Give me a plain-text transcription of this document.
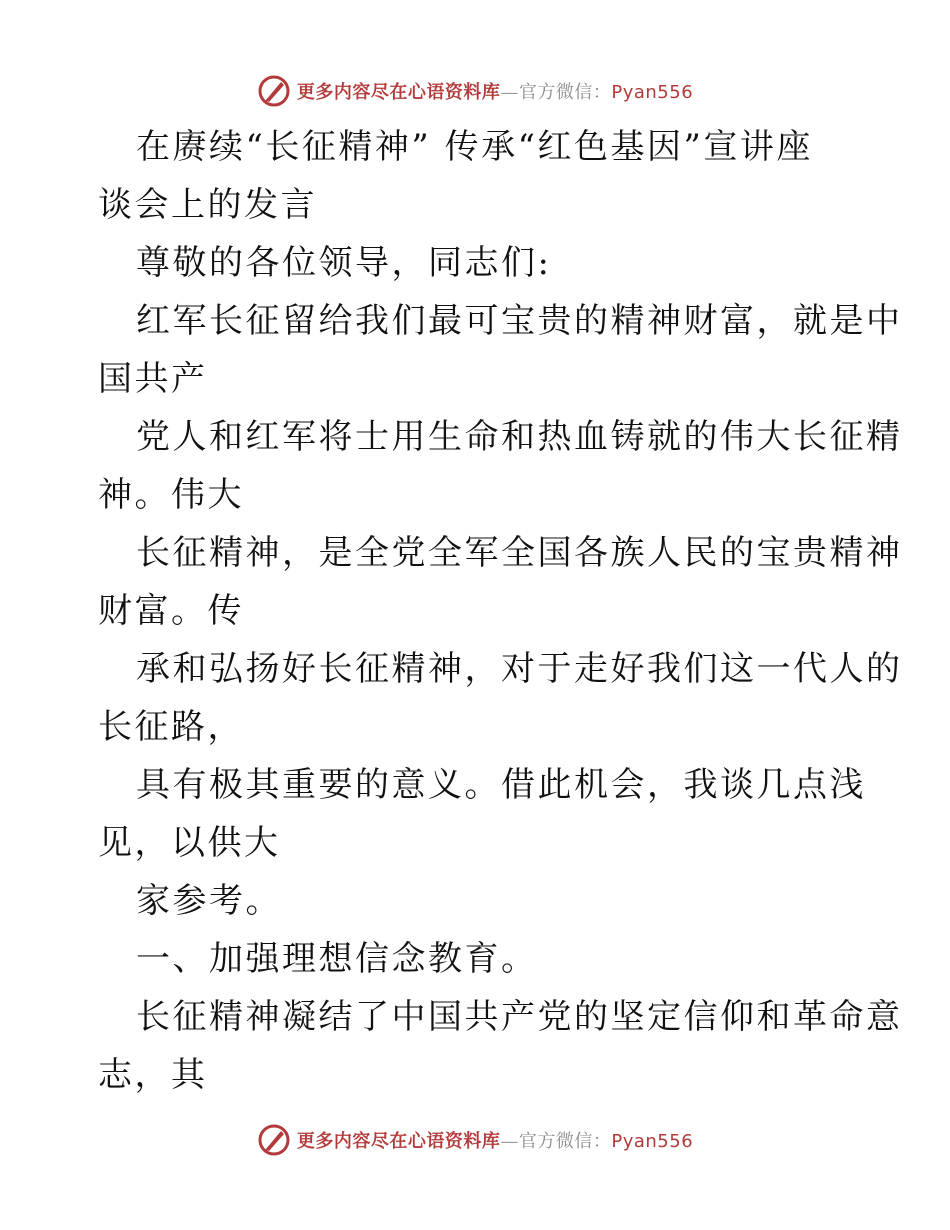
更多内容尽在心语资料库—官方微信：Pyan556
在赓续“长征精神” 传承“红色基因”宣讲座
谈会上的发言
尊敬的各位领导，同志们:
红军长征留给我们最可宝贵的精神财富，就是中
国共产
党人和红军将士用生命和热血铸就的伟大长征精
神。伟大
长征精神，是全党全军全国各族人民的宝贵精神
财富。传
承和弘扬好长征精神，对于走好我们这一代人的
长征路，
具有极其重要的意义。借此机会，我谈几点浅
见，以供大
家参考。
一、加强理想信念教育。
长征精神凝结了中国共产党的坚定信仰和革命意
志，其
更多内容尽在心语资料库—官方微信：Pyan556
